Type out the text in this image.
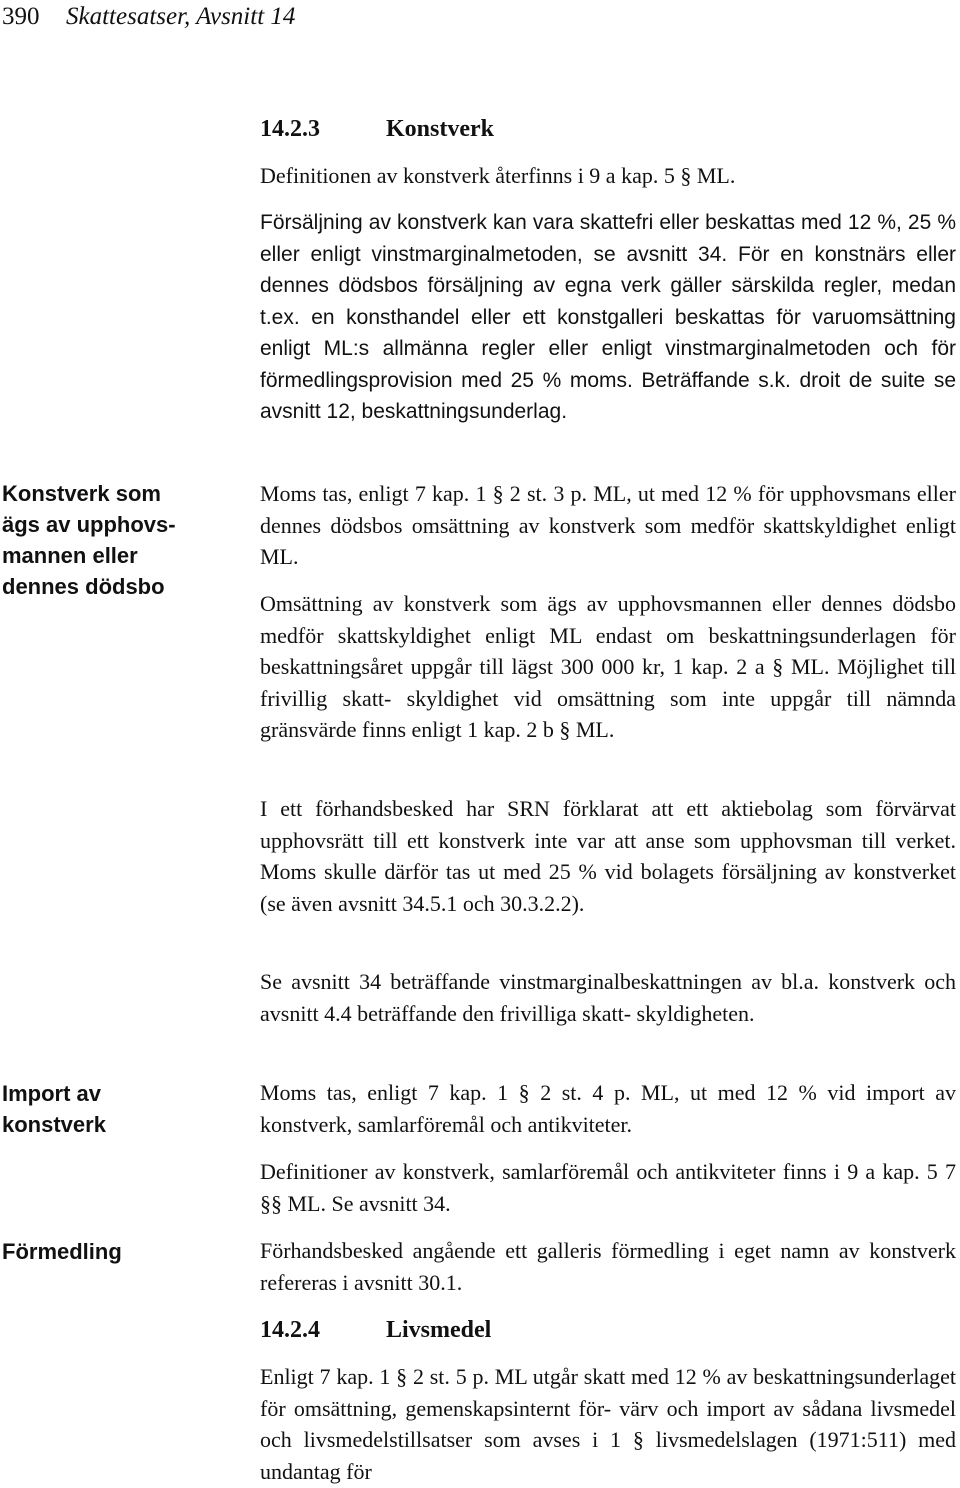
390 Skattesatser, Avsnitt 14
Konstverk som ägs av upphovs- mannen eller dennes dödsbo
Import av konstverk
Förmedling
14.2.3	Konstverk

Definitionen av konstverk återfinns i 9 a kap. 5 § ML.

Försäljning av konstverk kan vara skattefri eller beskattas med 12 %, 25 % eller enligt vinstmarginalmetoden, se avsnitt 34. För en konstnärs eller dennes dödsbos försäljning av egna verk gäller särskilda regler, medan t.ex. en konsthandel eller ett konstgalleri beskattas för varuomsättning enligt ML:s allmänna regler eller enligt vinstmarginalmetoden och för förmedlingsprovision med 25 % moms. Beträffande s.k. droit de suite se avsnitt 12, beskattningsunderlag.

Moms tas, enligt 7 kap. 1 § 2 st. 3 p. ML, ut med 12 % för upphovsmans eller dennes dödsbos omsättning av konstverk som medför skattskyldighet enligt ML.

Omsättning av konstverk som ägs av upphovsmannen eller dennes dödsbo medför skattskyldighet enligt ML endast om beskattningsunderlagen för beskattningsåret uppgår till lägst 300 000 kr, 1 kap. 2 a § ML. Möjlighet till frivillig skatt- skyldighet vid omsättning som inte uppgår till nämnda gränsvärde finns enligt 1 kap. 2 b § ML.

I ett förhandsbesked har SRN förklarat att ett aktiebolag som förvärvat upphovsrätt till ett konstverk inte var att anse som upphovsman till verket. Moms skulle därför tas ut med 25 % vid bolagets försäljning av konstverket (se även avsnitt 34.5.1 och 30.3.2.2).

Se avsnitt 34 beträffande vinstmarginalbeskattningen av bl.a. konstverk och avsnitt 4.4 beträffande den frivilliga skatt- skyldigheten.

Moms tas, enligt 7 kap. 1 § 2 st. 4 p. ML, ut med 12 % vid import av konstverk, samlarföremål och antikviteter.

Definitioner av konstverk, samlarföremål och antikviteter finns i 9 a kap. 5 7 §§ ML. Se avsnitt 34.

Förhandsbesked angående ett galleris förmedling i eget namn av konstverk refereras i avsnitt 30.1.

14.2.4	Livsmedel

Enligt 7 kap. 1 § 2 st. 5 p. ML utgår skatt med 12 % av beskattningsunderlaget för omsättning, gemenskapsinternt för- värv och import av sådana livsmedel och livsmedelstillsatser som avses i 1 § livsmedelslagen (1971:511) med undantag för
